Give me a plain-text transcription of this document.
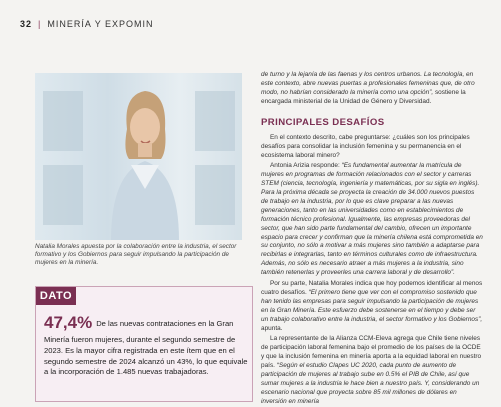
32 | MINERÍA Y EXPOMIN
Natalia Morales apuesta por la colaboración entre la industria, el sector formativo y los Gobiernos para seguir impulsando la participación de mujeres en la minería.
DATO
47,4% De las nuevas contrataciones en la Gran Minería fueron mujeres, durante el segundo semestre de 2023. Es la mayor cifra registrada en este ítem que en el segundo semestre de 2024 alcanzó un 43%, lo que equivale a la incorporación de 1.485 nuevas trabajadoras.

de turno y la lejanía de las faenas y los centros urbanos. La tecnología, en este contexto, abre nuevas puertas a profesionales femeninas que, de otro modo, no habrían considerado la minería como una opción”, sostiene la encargada ministerial de la Unidad de Género y Diversidad.

PRINCIPALES DESAFÍOS

En el contexto descrito, cabe preguntarse: ¿cuáles son los principales desafíos para consolidar la inclusión femenina y su permanencia en el ecosistema laboral minero?

Antonia Arizia responde: “Es fundamental aumentar la matrícula de mujeres en programas de formación relacionados con el sector y carreras STEM (ciencia, tecnología, ingeniería y matemáticas, por su sigla en inglés). Para la próxima década se proyecta la creación de 34.000 nuevos puestos de trabajo en la industria, por lo que es clave preparar a las nuevas generaciones, tanto en las universidades como en establecimientos de formación técnico profesional. Igualmente, las empresas proveedoras del sector, que han sido parte fundamental del cambio, ofrecen un importante espacio para crecer y confirman que la minería chilena está comprometida en su conjunto, no sólo a motivar a más mujeres sino también a adaptarse para recibirlas e integrarlas, tanto en términos culturales como de infraestructura. Además, no sólo es necesario atraer a más mujeres a la industria, sino también retenerlas y proveerles una carrera laboral y de desarrollo”.

Por su parte, Natalia Morales indica que hoy podemos identificar al menos cuatro desafíos. “El primero tiene que ver con el compromiso sostenido que han tenido las empresas para seguir impulsando la participación de mujeres en la Gran Minería. Este esfuerzo debe sostenerse en el tiempo y debe ser un trabajo colaborativo entre la industria, el sector formativo y los Gobiernos”, apunta.

La representante de la Alianza CCM-Eleva agrega que Chile tiene niveles de participación laboral femenina bajo el promedio de los países de la OCDE y que la inclusión femenina en minería aporta a la equidad laboral en nuestro país. “Según el estudio Clapes UC 2020, cada punto de aumento de participación de mujeres al trabajo sube en 0.5% el PIB de Chile, así que sumar mujeres a la industria le hace bien a nuestro país. Y, considerando un escenario nacional que proyecta sobre 85 mil millones de dólares en inversión en minería
